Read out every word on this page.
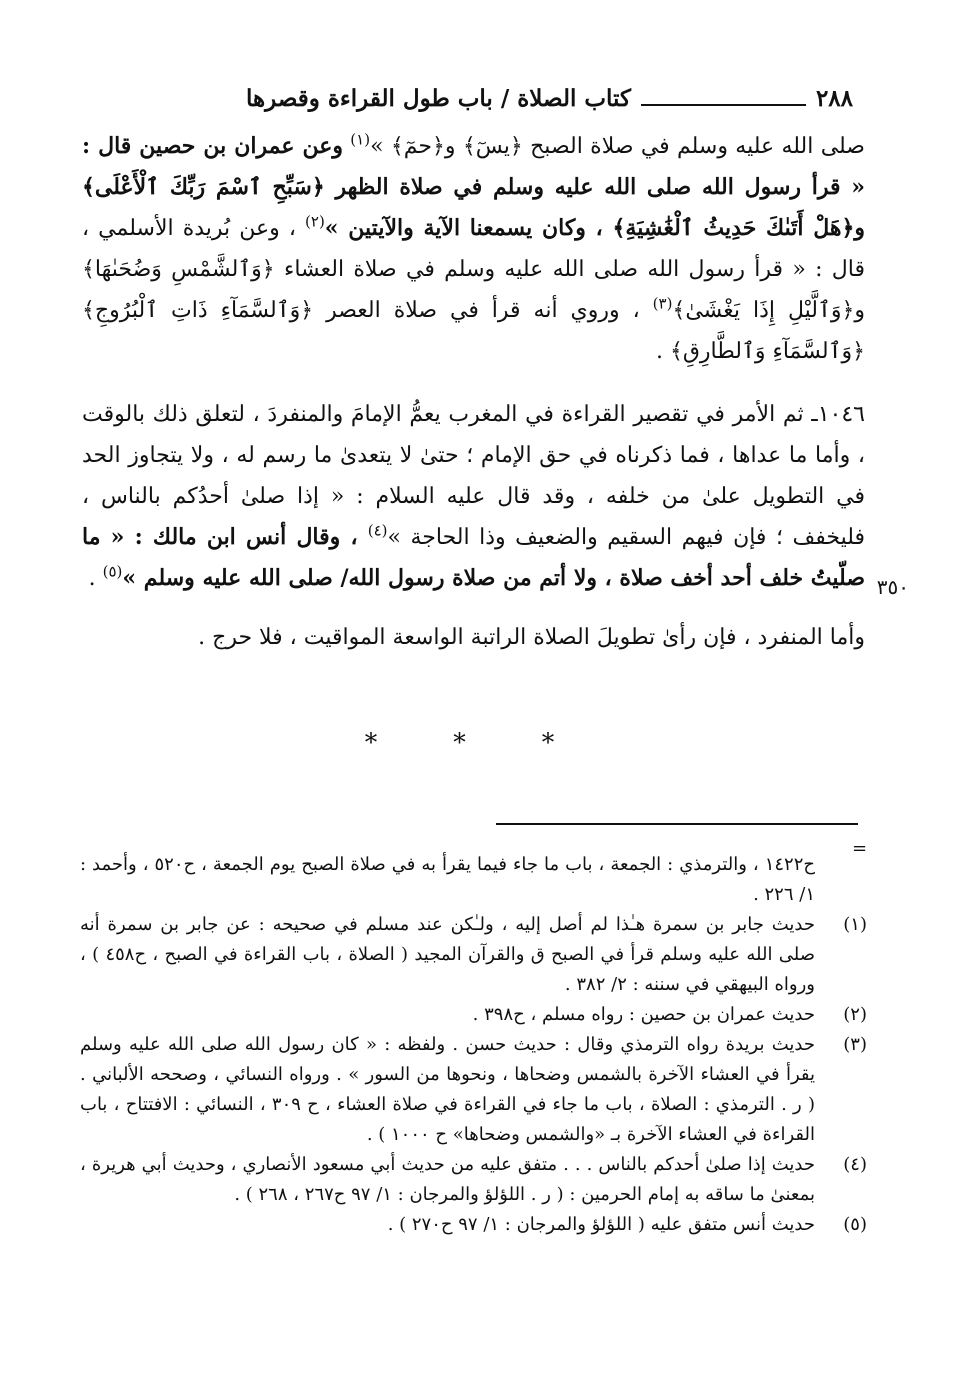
٢٨٨
كتاب الصلاة / باب طول القراءة وقصرها

صلى الله عليه وسلم في صلاة الصبح ﴿يسٓ﴾ و﴿حمٓ﴾ »$^{(١)}$ وعن عمران بن حصين قال : « قرأ رسول الله صلى الله عليه وسلم في صلاة الظهر ﴿سَبِّحِ ٱسْمَ رَبِّكَ ٱلْأَعْلَى﴾ و﴿هَلْ أَتَىٰكَ حَدِيثُ ٱلْغَٰشِيَةِ﴾ ، وكان يسمعنا الآية والآيتين »$^{(٢)}$ ، وعن بُريدة الأسلمي ، قال : « قرأ رسول الله صلى الله عليه وسلم في صلاة العشاء ﴿وَٱلشَّمْسِ وَضُحَىٰهَا﴾ و﴿وَٱلَّيْلِ إِذَا يَغْشَىٰ﴾$^{(٣)}$ ، وروي أنه قرأ في صلاة العصر ﴿وَٱلسَّمَآءِ ذَاتِ ٱلْبُرُوجِ﴾ ﴿وَٱلسَّمَآءِ وَٱلطَّارِقِ﴾ .

١٠٤٦ـ ثم الأمر في تقصير القراءة في المغرب يعمُّ الإمامَ والمنفردَ ، لتعلق ذلك بالوقت ، وأما ما عداها ، فما ذكرناه في حق الإمام ؛ حتىٰ لا يتعدىٰ ما رسم له ، ولا يتجاوز الحد في التطويل علىٰ من خلفه ، وقد قال عليه السلام : « إذا صلىٰ أحدُكم بالناس ، فليخفف ؛ فإن فيهم السقيم والضعيف وذا الحاجة »$^{(٤)}$ ، وقال أنس ابن مالك : « ما صلّيتُ خلف أحد أخف صلاة ، ولا أتم من صلاة رسول الله/ صلى الله عليه وسلم »$^{(٥)}$ .

وأما المنفرد ، فإن رأىٰ تطويلَ الصلاة الراتبة الواسعة المواقيت ، فلا حرج .

٣٥٠
* * *
=
ح١٤٢٢ ، والترمذي : الجمعة ، باب ما جاء فيما يقرأ به في صلاة الصبح يوم الجمعة ، ح٥٢٠ ، وأحمد : ١/ ٢٢٦ .
(١)
حديث جابر بن سمرة هـٰذا لم أصل إليه ، ولـٰكن عند مسلم في صحيحه : عن جابر بن سمرة أنه صلى الله عليه وسلم قرأ في الصبح ق والقرآن المجيد ( الصلاة ، باب القراءة في الصبح ، ح٤٥٨ ) ، ورواه البيهقي في سننه : ٢/ ٣٨٢ .
(٢)
حديث عمران بن حصين : رواه مسلم ، ح٣٩٨ .
(٣)
حديث بريدة رواه الترمذي وقال : حديث حسن . ولفظه : « كان رسول الله صلى الله عليه وسلم يقرأ في العشاء الآخرة بالشمس وضحاها ، ونحوها من السور » . ورواه النسائي ، وصححه الألباني . ( ر . الترمذي : الصلاة ، باب ما جاء في القراءة في صلاة العشاء ، ح ٣٠٩ ، النسائي : الافتتاح ، باب القراءة في العشاء الآخرة بـ «والشمس وضحاها» ح ١٠٠٠ ) .
(٤)
حديث إذا صلىٰ أحدكم بالناس . . . متفق عليه من حديث أبي مسعود الأنصاري ، وحديث أبي هريرة ، بمعنىٰ ما ساقه به إمام الحرمين : ( ر . اللؤلؤ والمرجان : ١/ ٩٧ ح٢٦٧ ، ٢٦٨ ) .
(٥)
حديث أنس متفق عليه ( اللؤلؤ والمرجان : ١/ ٩٧ ح٢٧٠ ) .
